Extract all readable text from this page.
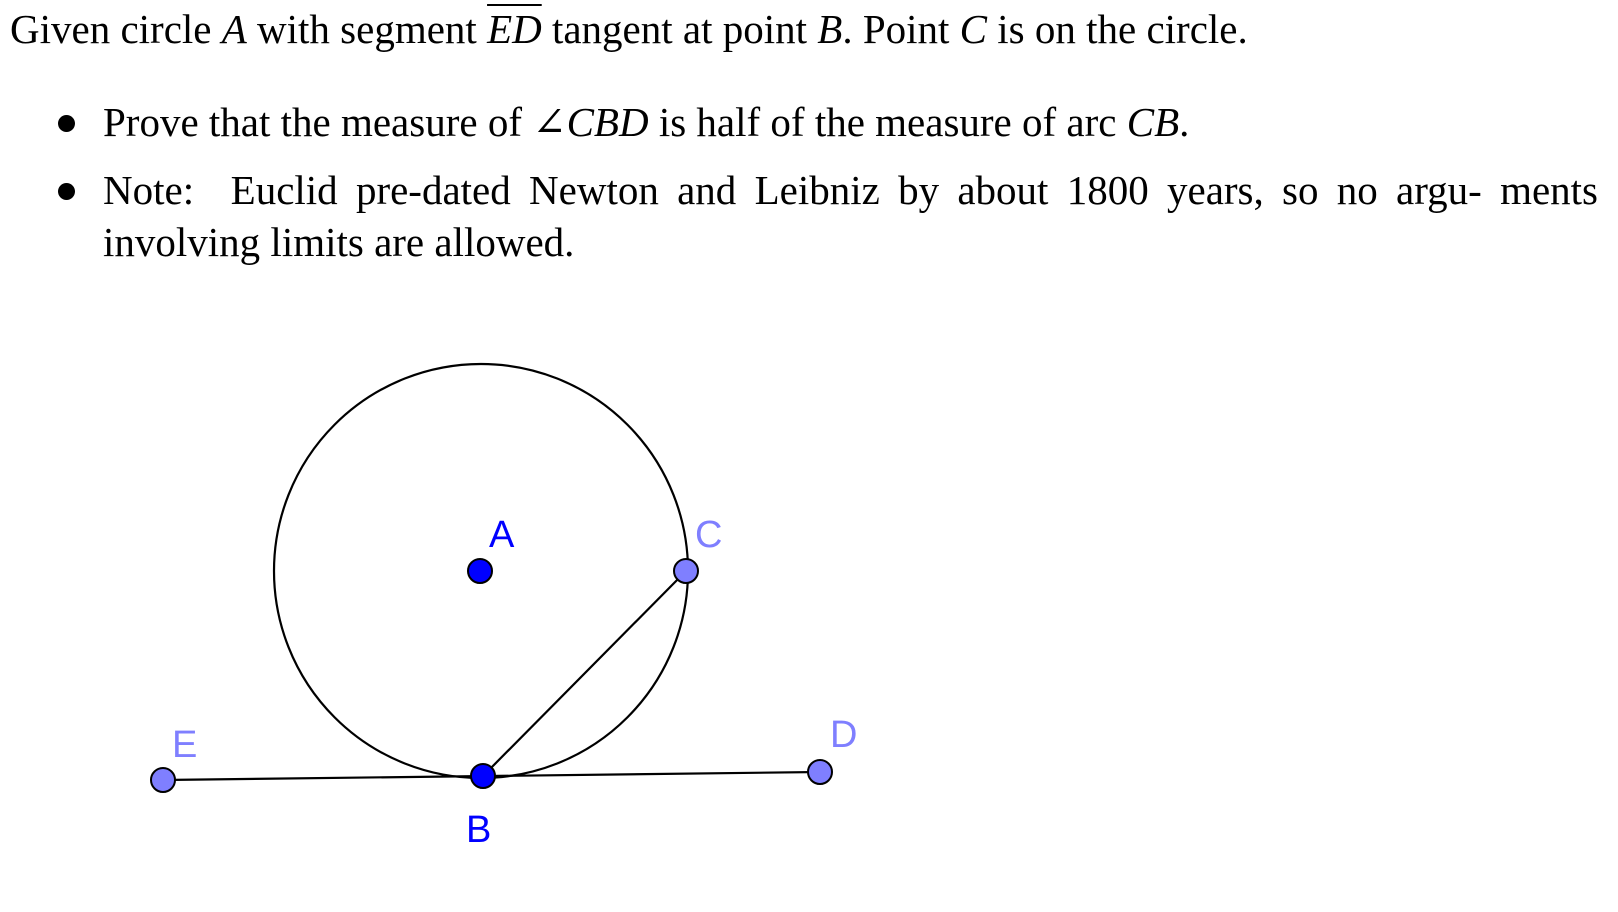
Given circle A with segment $\overline{ED}$ tangent at point B. Point C is on the circle.
Prove that the measure of ∠CBD is half of the measure of arc CB.
Note: Euclid pre-dated Newton and Leibniz by about 1800 years, so no argu- ments involving limits are allowed.
A
B
C
D
E
